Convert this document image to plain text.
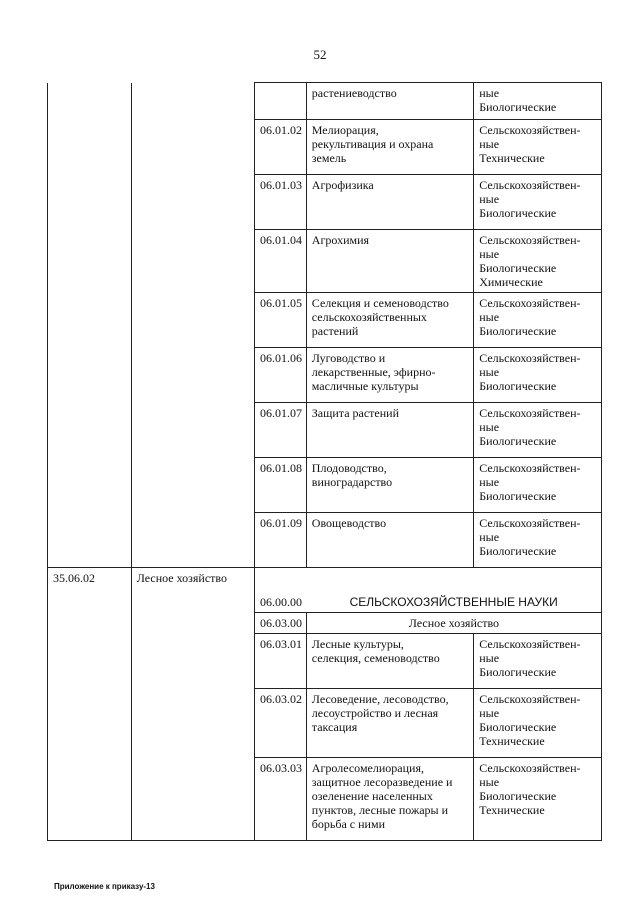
52

			растениеводство	ные
Биологические

		06.01.02	Мелиорация,
рекультивация и охрана
земель	Сельскохозяйствен-
ные
Технические

		06.01.03	Агрофизика	Сельскохозяйствен-
ные
Биологические

		06.01.04	Агрохимия	Сельскохозяйствен-
ные
Биологические
Химические

		06.01.05	Селекция и семеноводство
сельскохозяйственных
растений	Сельскохозяйствен-
ные
Биологические

		06.01.06	Луговодство и
лекарственные, эфирно-
масличные культуры	Сельскохозяйствен-
ные
Биологические

		06.01.07	Защита растений	Сельскохозяйствен-
ные
Биологические

		06.01.08	Плодоводство,
виноградарство	Сельскохозяйствен-
ные
Биологические

		06.01.09	Овощеводство	Сельскохозяйствен-
ные
Биологические

35.06.02	Лесное хозяйство			
		06.00.00	СЕЛЬСКОХОЗЯЙСТВЕННЫЕ НАУКИ	
		06.03.00	Лесное хозяйство	
		06.03.01	Лесные культуры,
селекция, семеноводство	Сельскохозяйствен-
ные
Биологические

		06.03.02	Лесоведение, лесоводство,
лесоустройство и лесная
таксация	Сельскохозяйствен-
ные
Биологические
Технические

		06.03.03	Агролесомелиорация,
защитное лесоразведение и
озеленение населенных
пунктов, лесные пожары и
борьба с ними	Сельскохозяйствен-
ные
Биологические
Технические
Приложение к приказу-13
